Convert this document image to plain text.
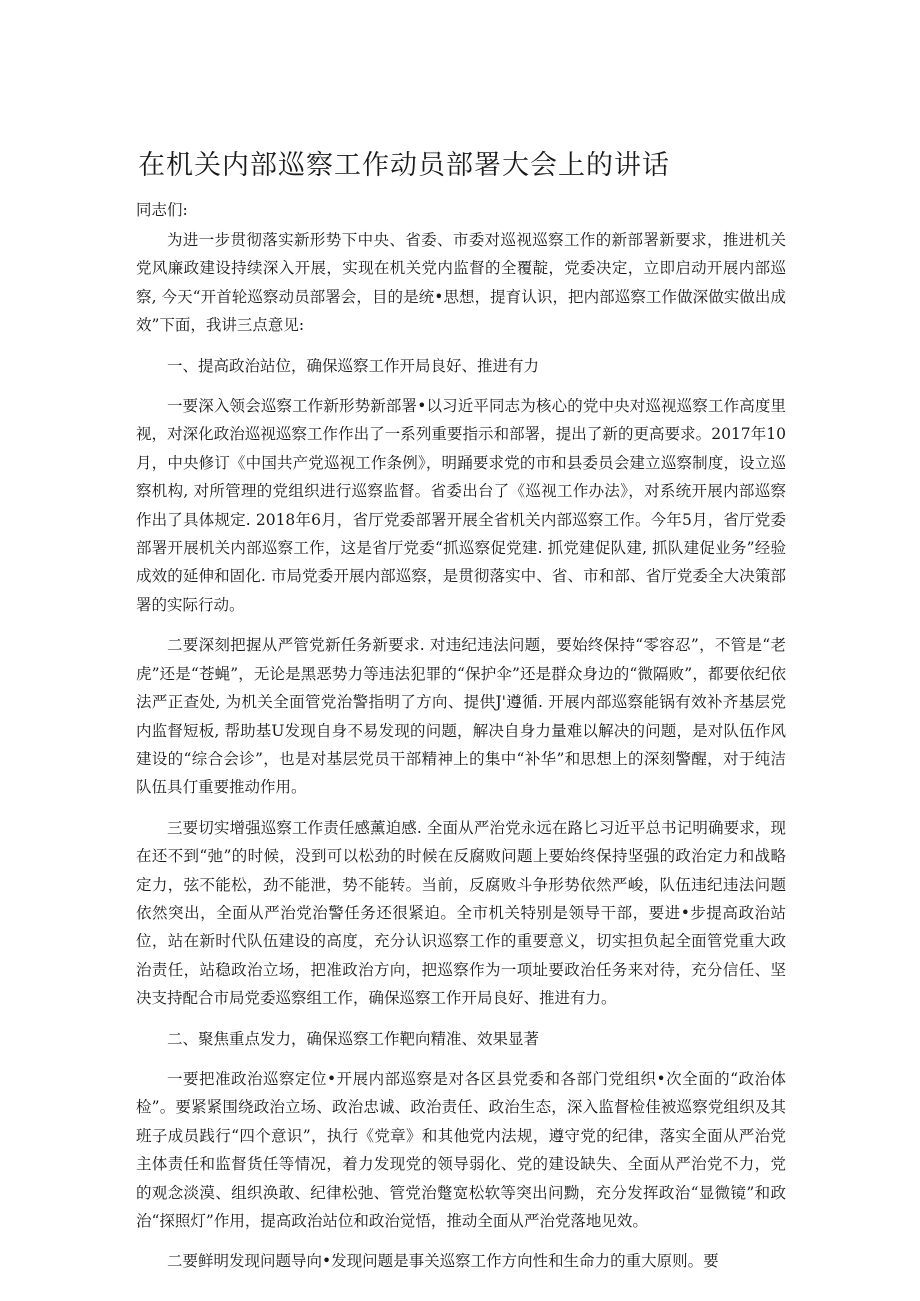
在机关内部巡察工作动员部署大会上的讲话

同志们:

为进一步贯彻落实新形势下中央、省委、市委对巡视巡察工作的新部署新要求，推进机关党风廉政建设持续深入开展，实现在机关党内监督的全覆靛，党委决定，立即启动开展内部巡察, 今天“开首轮巡察动员部署会，目的是统•思想，提育认识，把内部巡察工作做深做实做出成效”下面，我讲三点意见:

一、提高政治站位，确保巡察工作开局良好、推进有力

一要深入领会巡察工作新形势新部署•以习近平同志为核心的党中央对巡视巡察工作高度里视，对深化政治巡视巡察工作作出了一系列重要指示和部署，提出了新的更高要求。2017年10月，中央修订《中国共产党巡视工作条例》，明踊要求党的市和县委员会建立巡察制度，设立巡察机构, 对所管理的党组织进行巡察监督。省委出台了《巡视工作办法》，对系统开展内部巡察作出了具体规定. 2018年6月，省厅党委部署开展全省机关内部巡察工作。今年5月，省厅党委部署开展机关内部巡察工作，这是省厅党委“抓巡察促党建. 抓党建促队建, 抓队建促业务”经验成效的延伸和固化. 市局党委开展内部巡察，是贯彻落实中、省、市和部、省厅党委全大决策部署的实际行动。

二要深刻把握从严管党新任务新要求. 对违纪违法问题，要始终保持“零容忍”，不管是“老虎”还是“苍蝇”，无论是黑恶势力等违法犯罪的“保护伞”还是群众身边的“微隔败”，都要依纪依法严正查处, 为机关全面管党治警指明了方向、提供J'遵循. 开展内部巡察能锅有效补齐基层党内监督短板, 帮助基U发现自身不易发现的问题，解决自身力量难以解决的问题，是对队伍作风建设的“综合会诊”，也是对基层党员干部精神上的集中“补华”和思想上的深刻警醒，对于纯洁队伍具仃重要推动作用。

三要切实增强巡察工作责任感薰迫感. 全面从严治党永远在路匕习近平总书记明确要求，现在还不到“弛”的时候，没到可以松劲的时候在反腐败问题上要始终保持坚强的政治定力和战略定力，弦不能松，劲不能泄，势不能转。当前，反腐败斗争形势依然严峻，队伍违纪违法问题依然突出，全面从严治党治警任务还很紧迫。全市机关特别是领导干部，要进•步提高政治站位，站在新时代队伍建设的高度，充分认识巡察工作的重要意义，切实担负起全面管党重大政治责任，站稳政治立场，把准政治方向，把巡察作为一项址要政治任务来对待，充分信任、坚决支持配合市局党委巡察组工作，确保巡察工作开局良好、推进有力。

二、聚焦重点发力，确保巡察工作靶向精准、效果显著

一要把准政治巡察定位•开展内部巡察是对各区县党委和各部门党组织•次全面的“政治体检”。要紧紧围绕政治立场、政治忠诚、政治责任、政治生态，深入监督检佳被巡察党组织及其班子成员践行“四个意识”，执行《党章》和其他党内法规，遵守党的纪律，落实全面从严治党主体责任和监督货任等情况，着力发现党的领导弱化、党的建设缺失、全面从严治党不力，党的观念淡漠、组织涣敢、纪律松弛、管党治蹩宽松软等突出问黝，充分发挥政治“显微镜”和政治“探照灯”作用，提高政治站位和政治觉悟，推动全面从严治党落地见效。

二要鲜明发现问题导向•发现问题是事关巡察工作方向性和生命力的重大原则。要
